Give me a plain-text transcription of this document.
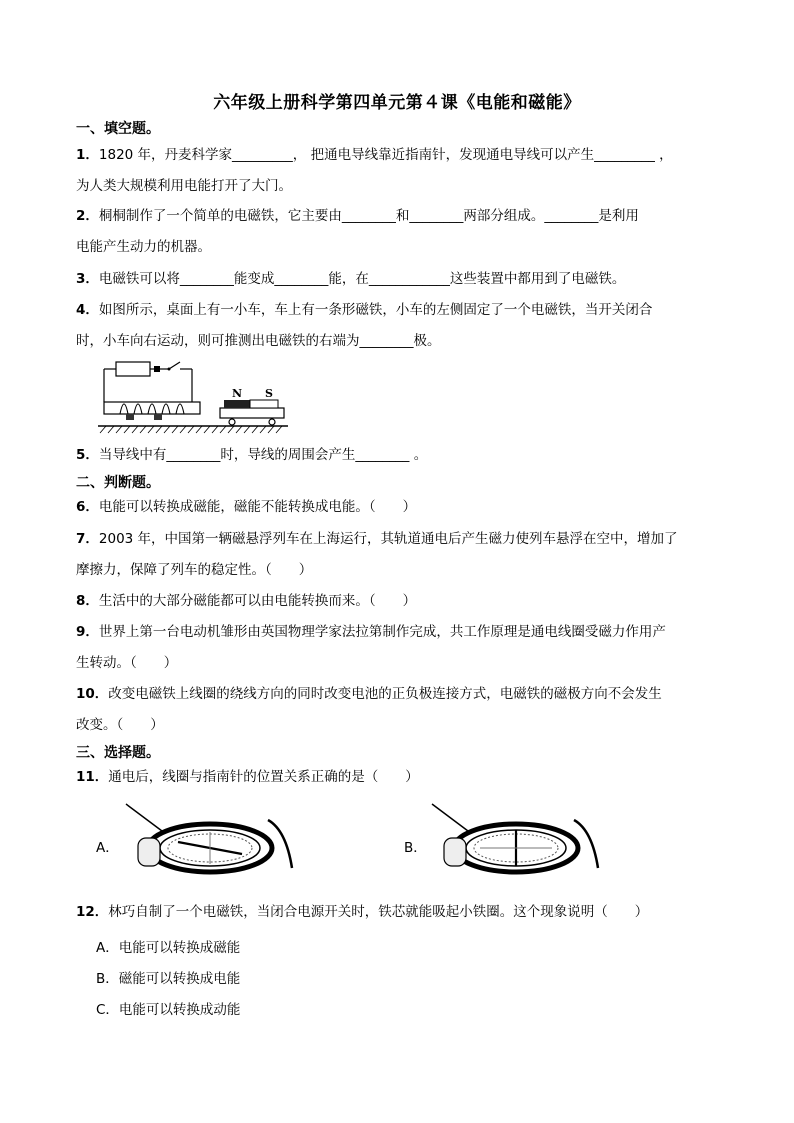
六年级上册科学第四单元第４课《电能和磁能》
一、填空题。
1．1820 年，丹麦科学家_________， 把通电导线靠近指南针，发现通电导线可以产生_________ ，
为人类大规模利用电能打开了大门。
2．桐桐制作了一个简单的电磁铁，它主要由________和________两部分组成。________是利用
电能产生动力的机器。
3．电磁铁可以将________能变成________能，在____________这些装置中都用到了电磁铁。
4．如图所示，桌面上有一小车，车上有一条形磁铁，小车的左侧固定了一个电磁铁，当开关闭合
时，小车向右运动，则可推测出电磁铁的右端为________极。
N S
5．当导线中有________时，导线的周围会产生________ 。
二、判断题。
6．电能可以转换成磁能，磁能不能转换成电能。（　　）
7．2003 年，中国第一辆磁悬浮列车在上海运行，其轨道通电后产生磁力使列车悬浮在空中，增加了
摩擦力，保障了列车的稳定性。（　　）
8．生活中的大部分磁能都可以由电能转换而来。（　　）
9．世界上第一台电动机雏形由英国物理学家法拉第制作完成，共工作原理是通电线圈受磁力作用产
生转动。（　　）
10．改变电磁铁上线圈的绕线方向的同时改变电池的正负极连接方式，电磁铁的磁极方向不会发生
改变。（　　）
三、选择题。
11．通电后，线圈与指南针的位置关系正确的是（　　）
A．	B．
12．林巧自制了一个电磁铁，当闭合电源开关时，铁芯就能吸起小铁圈。这个现象说明（　　）
A．电能可以转换成磁能
B．磁能可以转换成电能
C．电能可以转换成动能
